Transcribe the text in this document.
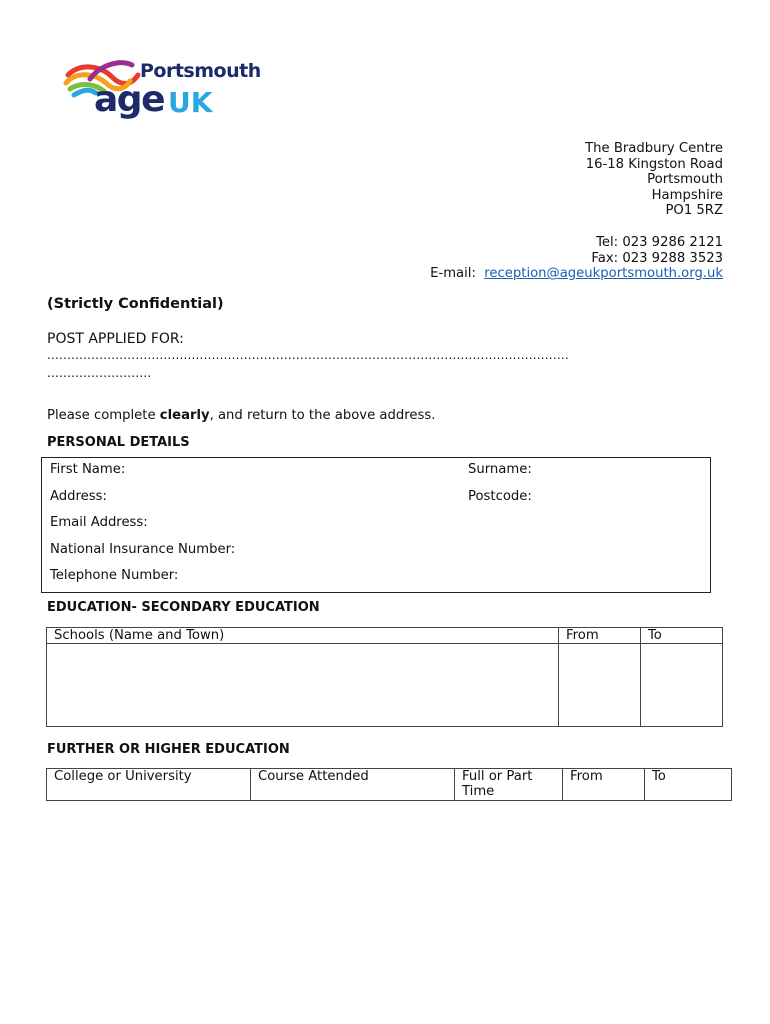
Portsmouth
age UK
The Bradbury Centre
16-18 Kingston Road
Portsmouth
Hampshire
PO1 5RZ
Tel: 023 9286 2121
Fax: 023 9288 3523
E-mail:  reception@ageukportsmouth.org.uk
(Strictly Confidential)
POST APPLIED FOR:
..................................................................................................................................
..........................
Please complete clearly, and return to the above address.
PERSONAL DETAILS
First Name:	Surname:
Address:	Postcode:
Email Address:
National Insurance Number:
Telephone Number:
EDUCATION- SECONDARY EDUCATION
Schools (Name and Town)	From	To

FURTHER OR HIGHER EDUCATION
College or University	Course Attended	Full or Part Time	From	To
